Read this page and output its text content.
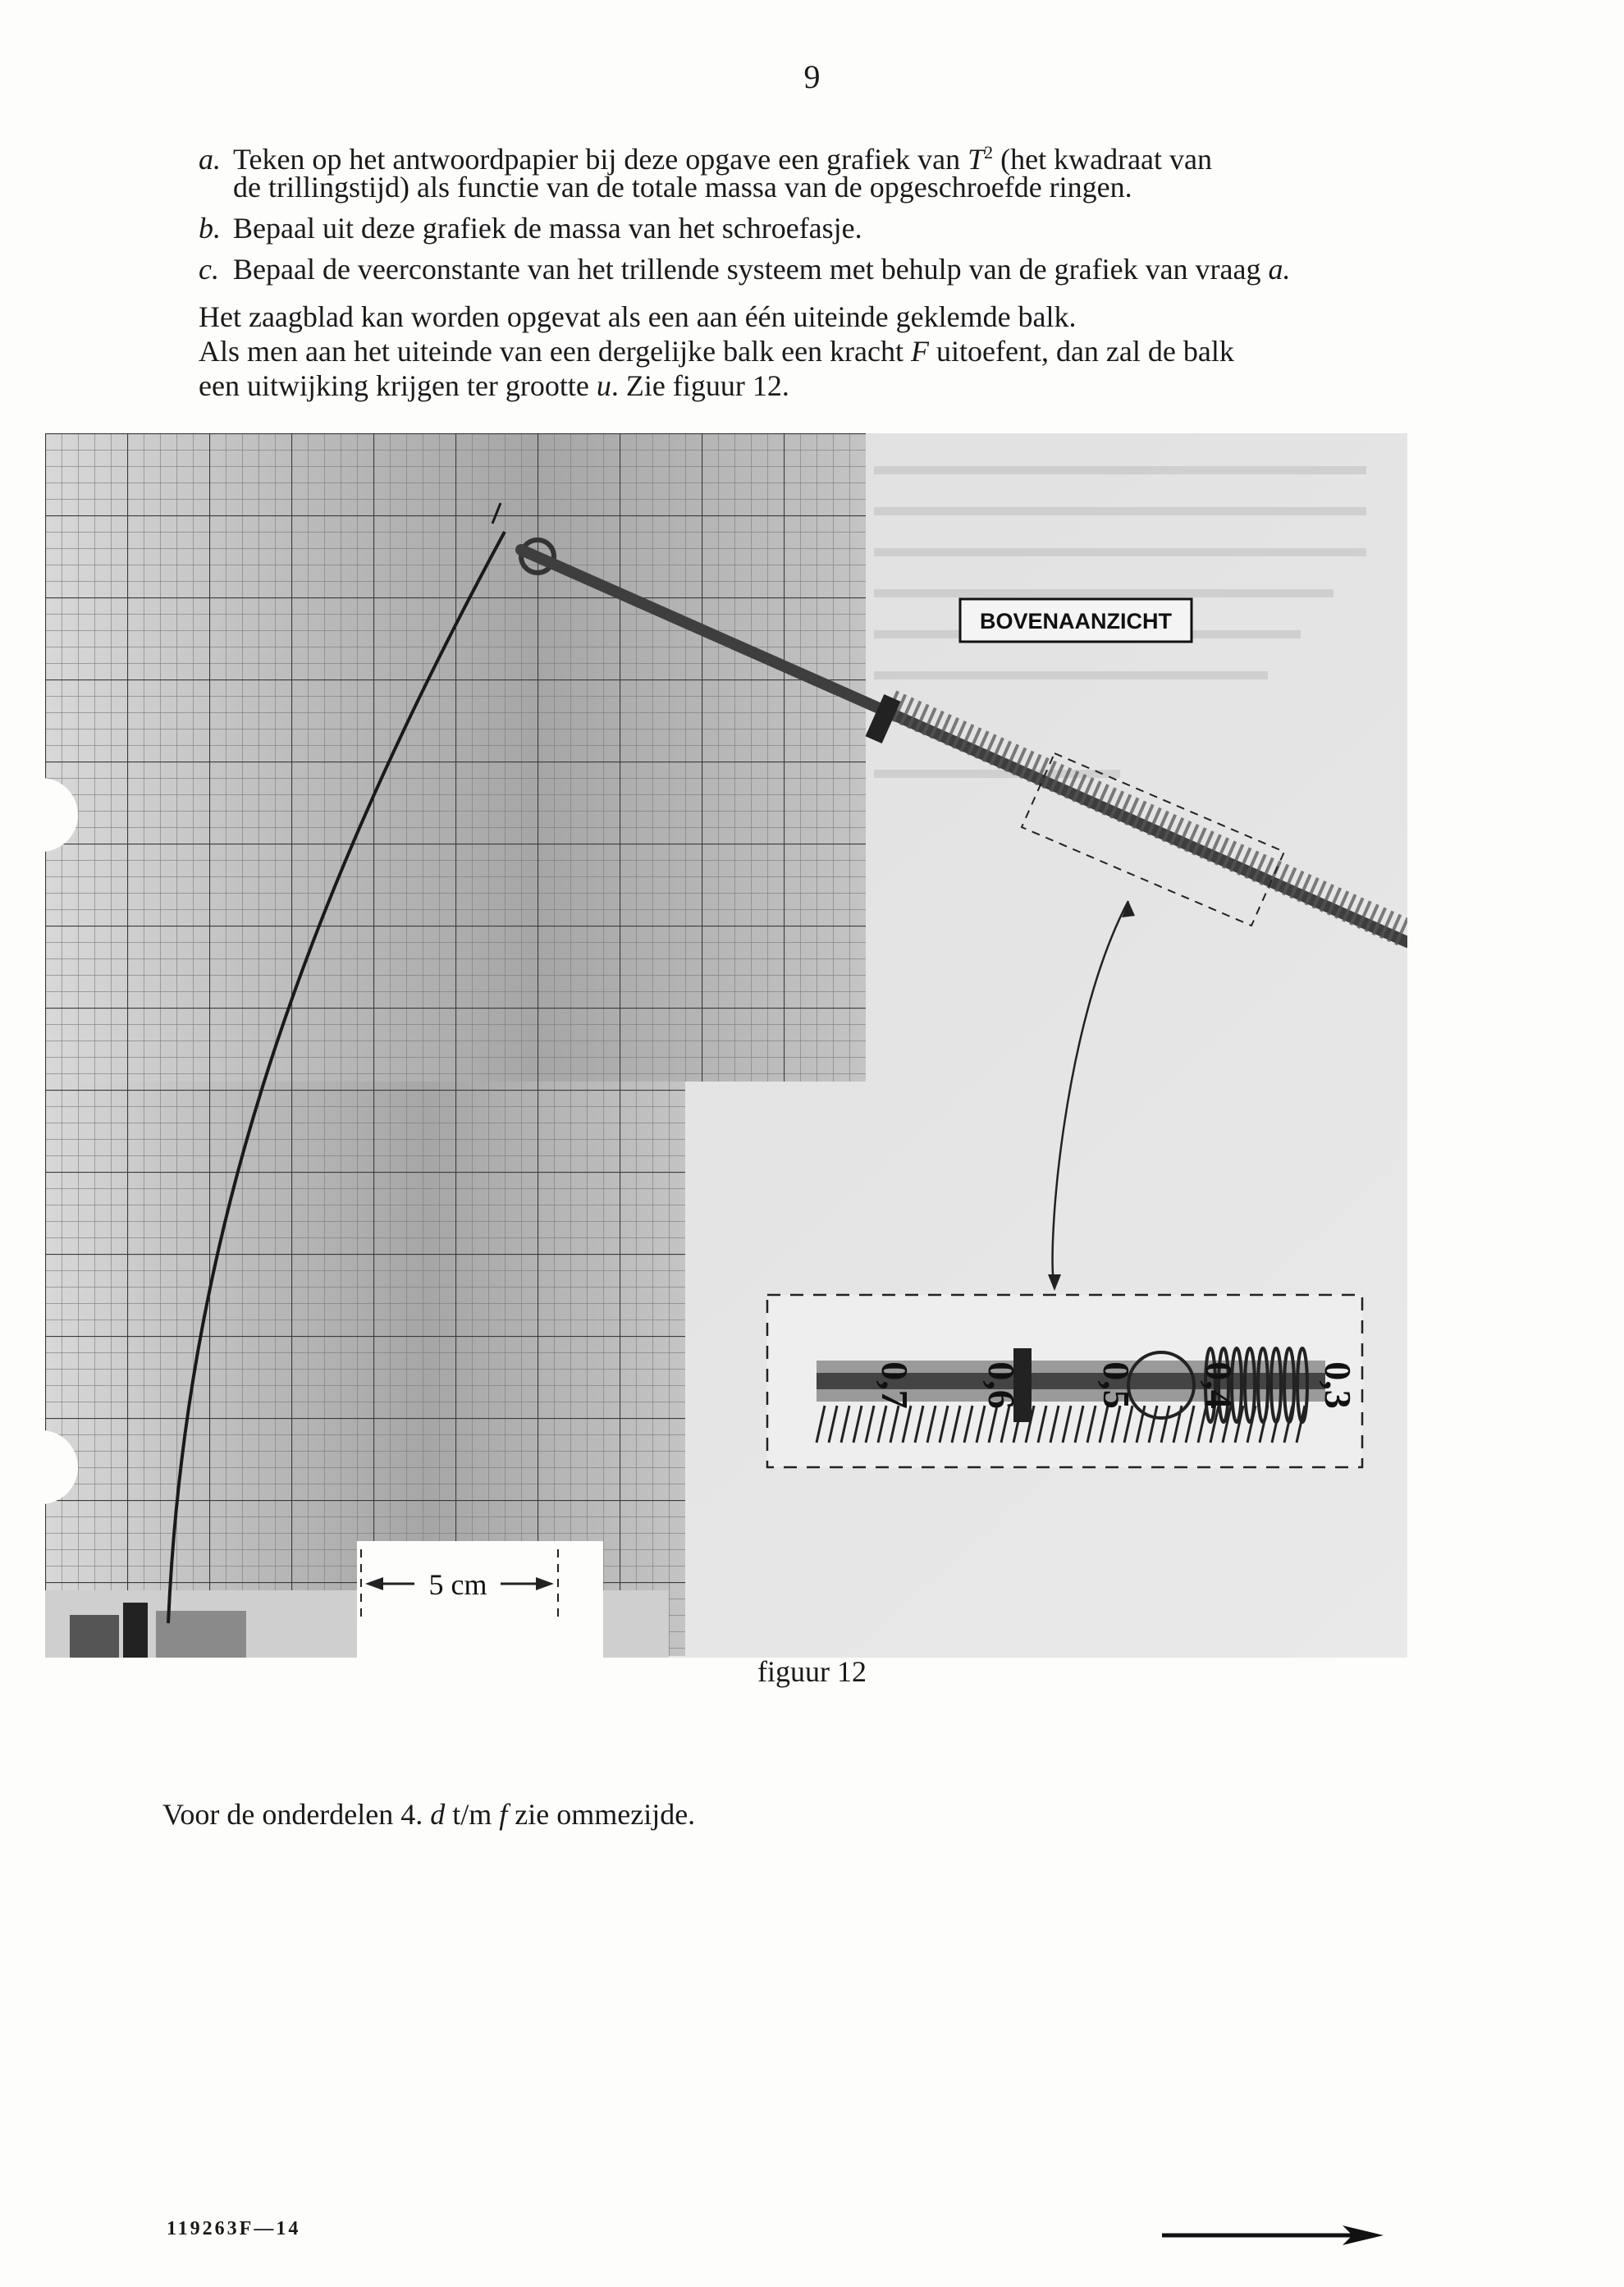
9
a. Teken op het antwoordpapier bij deze opgave een grafiek van $T^2$ (het kwadraat van
de trillingstijd) als functie van de totale massa van de opgeschroefde ringen.
b. Bepaal uit deze grafiek de massa van het schroefasje.
c. Bepaal de veerconstante van het trillende systeem met behulp van de grafiek van vraag a.
Het zaagblad kan worden opgevat als een aan één uiteinde geklemde balk.
Als men aan het uiteinde van een dergelijke balk een kracht F uitoefent, dan zal de balk
een uitwijking krijgen ter grootte u. Zie figuur 12.
BOVENAANZICHT
0,7 0,6 0,5 0,4 0,3
5 cm
figuur 12
Voor de onderdelen 4. d t/m f zie ommezijde.
119263F—14
